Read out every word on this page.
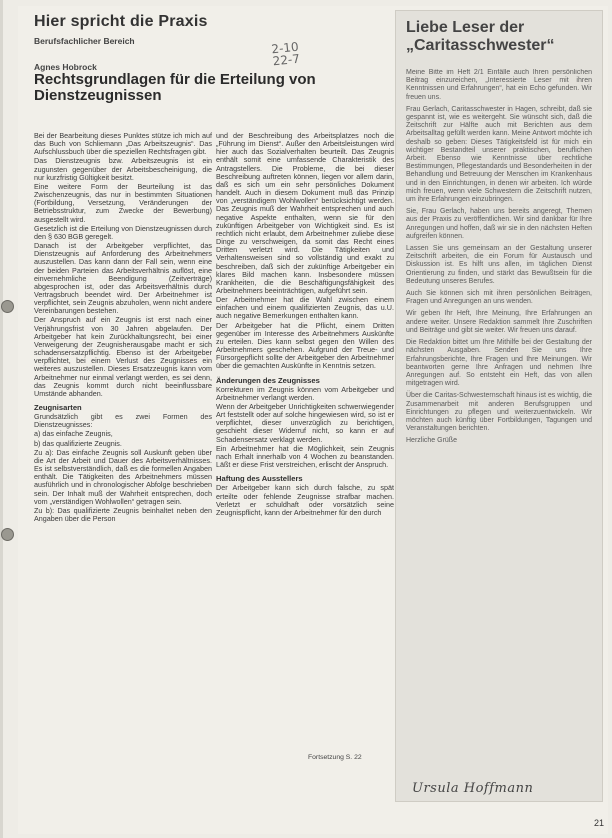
Hier spricht die Praxis
Berufsfachlicher Bereich
Agnes Hobrock
2-10
22-7
Rechtsgrundlagen für die Erteilung von Dienstzeugnissen

Bei der Bearbeitung dieses Punktes stütze ich mich auf das Buch von Schliemann „Das Arbeitszeugnis“. Das Aufschlussbuch über die speziellen Rechtsfragen gibt.

Das Dienstzeugnis bzw. Arbeitszeugnis ist ein zugunsten gegenüber der Arbeitsbescheinigung, die nur kurzfristig Gültigkeit besitzt.

Eine weitere Form der Beurteilung ist das Zwischenzeugnis, das nur in bestimmten Situationen (Fortbildung, Versetzung, Veränderungen der Betriebsstruktur, zum Zwecke der Bewerbung) ausgestellt wird.

Gesetzlich ist die Erteilung von Dienstzeugnissen durch den § 630 BGB geregelt.

Danach ist der Arbeitgeber verpflichtet, das Dienstzeugnis auf Anforderung des Arbeitnehmers auszustellen. Das kann dann der Fall sein, wenn eine der beiden Parteien das Arbeitsverhältnis auflöst, eine einvernehmliche Beendigung (Zeitverträge) abgesprochen ist, oder das Arbeitsverhältnis durch Vertragsbruch beendet wird. Der Arbeitnehmer ist verpflichtet, sein Zeugnis abzuholen, wenn nicht andere Vereinbarungen bestehen.

Der Anspruch auf ein Zeugnis ist erst nach einer Verjährungsfrist von 30 Jahren abgelaufen. Der Arbeitgeber hat kein Zurückhaltungsrecht, bei einer Verweigerung der Zeugnisherausgabe macht er sich schadensersatzpflichtig. Ebenso ist der Arbeitgeber verpflichtet, bei einem Verlust des Zeugnisses ein weiteres auszustellen. Dieses Ersatzzeugnis kann vom Arbeitnehmer nur einmal verlangt werden, es sei denn, das Zeugnis kommt durch nicht beeinflussbare Umstände abhanden.

Zeugnisarten

Grundsätzlich gibt es zwei Formen des Dienstzeugnisses:

a) das einfache Zeugnis,

b) das qualifizierte Zeugnis.

Zu a): Das einfache Zeugnis soll Auskunft geben über die Art der Arbeit und Dauer des Arbeitsverhältnisses. Es ist selbstverständlich, daß es die formellen Angaben enthält. Die Tätigkeiten des Arbeitnehmers müssen ausführlich und in chronologischer Abfolge beschrieben sein. Der Inhalt muß der Wahrheit entsprechen, doch vom „verständigen Wohlwollen“ getragen sein.

Zu b): Das qualifizierte Zeugnis beinhaltet neben den Angaben über die Person

und der Beschreibung des Arbeitsplatzes noch die „Führung im Dienst“. Außer den Arbeitsleistungen wird hier auch das Sozialverhalten beurteilt. Das Zeugnis enthält somit eine umfassende Charakteristik des Antragstellers. Die Probleme, die bei dieser Beschreibung auftreten können, liegen vor allem darin, daß es sich um ein sehr persönliches Dokument handelt. Auch in diesem Dokument muß das Prinzip von „verständigem Wohlwollen“ berücksichtigt werden. Das Zeugnis muß der Wahrheit entsprechen und auch negative Aspekte enthalten, wenn sie für den zukünftigen Arbeitgeber von Wichtigkeit sind. Es ist rechtlich nicht erlaubt, dem Arbeitnehmer zuliebe diese Dinge zu verschweigen, da somit das Recht eines Dritten verletzt wird. Die Tätigkeiten und Verhaltensweisen sind so vollständig und exakt zu beschreiben, daß sich der zukünftige Arbeitgeber ein klares Bild machen kann. Insbesondere müssen Krankheiten, die die Beschäftigungsfähigkeit des Arbeitnehmers beeinträchtigen, aufgeführt sein.

Der Arbeitnehmer hat die Wahl zwischen einem einfachen und einem qualifizierten Zeugnis, das u.U. auch negative Bemerkungen enthalten kann.

Der Arbeitgeber hat die Pflicht, einem Dritten gegenüber im Interesse des Arbeitnehmers Auskünfte zu erteilen. Dies kann selbst gegen den Willen des Arbeitnehmers geschehen. Aufgrund der Treue- und Fürsorgepflicht sollte der Arbeitgeber den Arbeitnehmer über die gemachten Auskünfte in Kenntnis setzen.

Änderungen des Zeugnisses

Korrekturen im Zeugnis können vom Arbeitgeber und Arbeitnehmer verlangt werden.

Wenn der Arbeitgeber Unrichtigkeiten schwerwiegender Art feststellt oder auf solche hingewiesen wird, so ist er verpflichtet, dieser unverzüglich zu berichtigen, geschieht dieser Widerruf nicht, so kann er auf Schadensersatz verklagt werden.

Ein Arbeitnehmer hat die Möglichkeit, sein Zeugnis nach Erhalt innerhalb von 4 Wochen zu beanstanden. Läßt er diese Frist verstreichen, erlischt der Anspruch.

Haftung des Ausstellers

Der Arbeitgeber kann sich durch falsche, zu spät erteilte oder fehlende Zeugnisse strafbar machen. Verletzt er schuldhaft oder vorsätzlich seine Zeugnispflicht, kann der Arbeitnehmer für den durch

Fortsetzung S. 22
Liebe Leser der
„Caritasschwester“

Meine Bitte im Heft 2/1 Einfälle auch Ihren persönlichen Beitrag einzureichen, „Interessierte Leser mit ihren Kenntnissen und Erfahrungen“, hat ein Echo gefunden. Wir freuen uns.

Frau Gerlach, Caritasschwester in Hagen, schreibt, daß sie gespannt ist, wie es weitergeht. Sie wünscht sich, daß die Zeitschrift zur Hälfte auch mit Berichten aus dem Arbeitsalltag gefüllt werden kann. Meine Antwort möchte ich deshalb so geben: Dieses Tätigkeitsfeld ist für mich ein wichtiger Bestandteil unserer praktischen, beruflichen Arbeit. Ebenso wie Kenntnisse über rechtliche Bestimmungen, Pflegestandards und Besonderheiten in der Behandlung und Betreuung der Menschen im Krankenhaus und in den Einrichtungen, in denen wir arbeiten. Ich würde mich freuen, wenn viele Schwestern die Zeitschrift nutzen, um ihre Erfahrungen einzubringen.

Sie, Frau Gerlach, haben uns bereits angeregt, Themen aus der Praxis zu veröffentlichen. Wir sind dankbar für Ihre Anregungen und hoffen, daß wir sie in den nächsten Heften aufgreifen können.

Lassen Sie uns gemeinsam an der Gestaltung unserer Zeitschrift arbeiten, die ein Forum für Austausch und Diskussion ist. Es hilft uns allen, im täglichen Dienst Orientierung zu finden, und stärkt das Bewußtsein für die Bedeutung unseres Berufes.

Auch Sie können sich mit ihren persönlichen Beiträgen, Fragen und Anregungen an uns wenden.

Wir geben Ihr Heft, Ihre Meinung, Ihre Erfahrungen an andere weiter. Unsere Redaktion sammelt Ihre Zuschriften und Beiträge und gibt sie weiter. Wir freuen uns darauf.

Die Redaktion bittet um Ihre Mithilfe bei der Gestaltung der nächsten Ausgaben. Senden Sie uns Ihre Erfahrungsberichte, Ihre Fragen und Ihre Meinungen. Wir beantworten gerne Ihre Anfragen und nehmen Ihre Anregungen auf. So entsteht ein Heft, das von allen mitgetragen wird.

Über die Caritas-Schwesternschaft hinaus ist es wichtig, die Zusammenarbeit mit anderen Berufsgruppen und Einrichtungen zu pflegen und weiterzuentwickeln. Wir möchten auch künftig über Fortbildungen, Tagungen und Veranstaltungen berichten.

Herzliche Grüße

Ursula Hoffmann
21
